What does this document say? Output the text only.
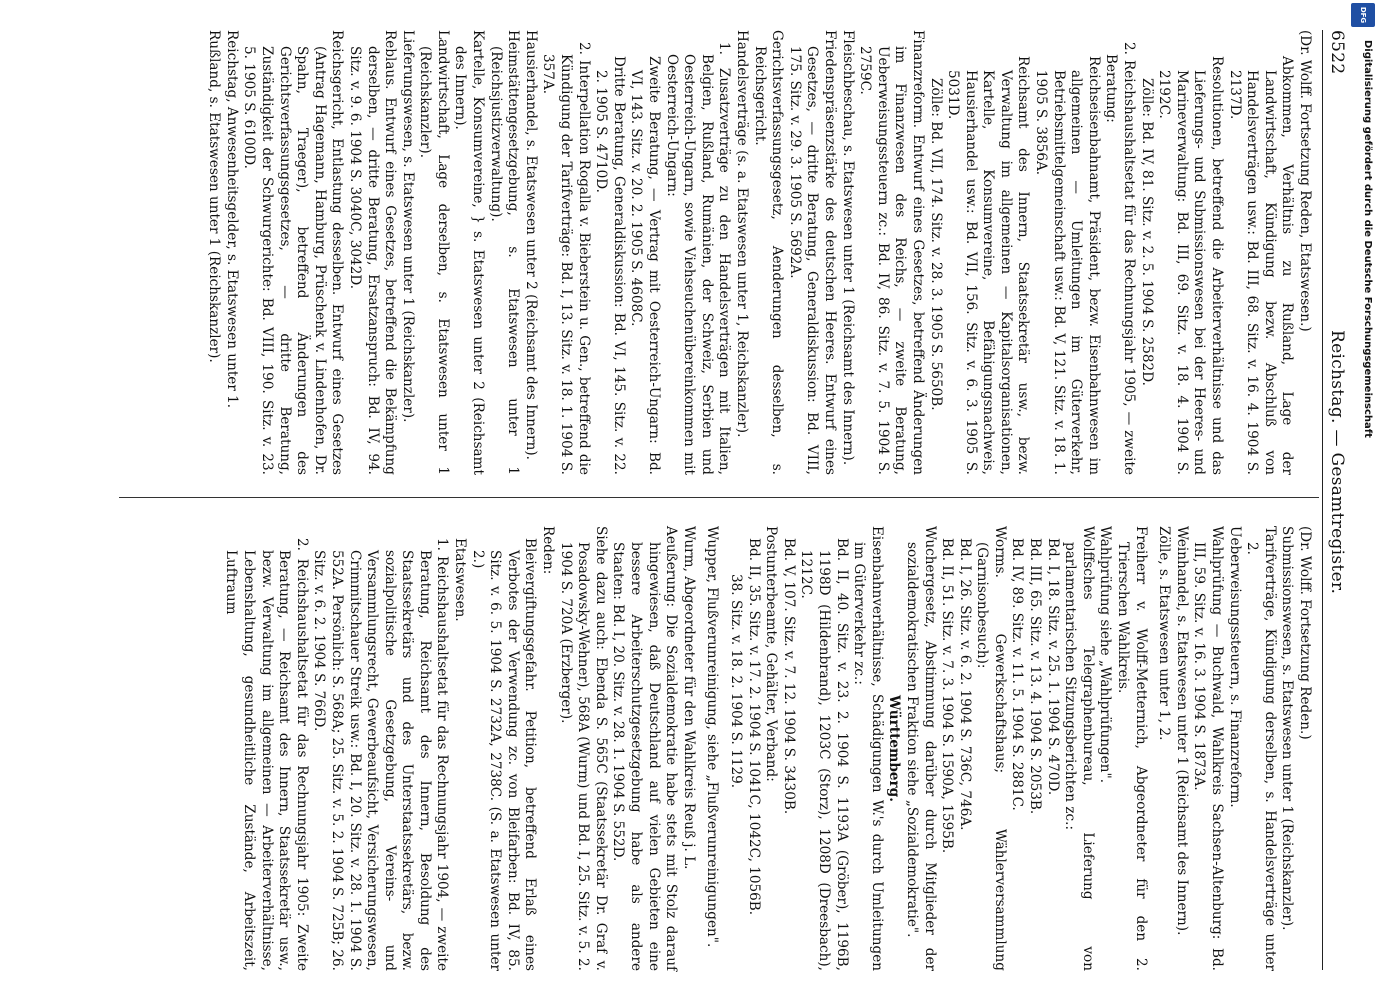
6522
Reichstag. — Gesamtregister.

(Dr. Wolff. Fortsetzung Reden, Etatswesen.)

Abkommen, Verhältnis zu Rußland, Lage der Landwirtschaft, Kündigung bezw. Abschluß von Handelsverträgen usw.: Bd. III, 68. Sitz. v. 16. 4. 1904 S. 2137D.

Resolutionen, betreffend die Arbeiterverhältnisse und das Lieferungs- und Submissionswesen bei der Heeres- und Marineverwaltung: Bd. III, 69. Sitz. v. 18. 4. 1904 S. 2192C.

Zölle: Bd. IV, 81. Sitz. v. 2. 5. 1904 S. 2582D.

2. Reichshaushaltsetat für das Rechnungsjahr 1905, — zweite Beratung:

Reichseisenbahnamt, Präsident, bezw. Eisenbahnwesen im allgemeinen — Umleitungen im Güterverkehr, Betriebsmittelgemeinschaft usw.: Bd. V, 121. Sitz. v. 18. 1. 1905 S. 3856A.

Reichsamt des Innern, Staatssekretär usw., bezw. Verwaltung im allgemeinen — Kapitalsorganisationen, Kartelle, Konsumvereine, Befähigungsnachweis, Hausierhandel usw.: Bd. VII, 156. Sitz. v. 6. 3. 1905 S. 5031D.

Zölle: Bd. VII, 174. Sitz. v. 28. 3. 1905 S. 5650B.

Finanzreform. Entwurf eines Gesetzes, betreffend Änderungen im Finanzwesen des Reichs, — zweite Beratung, Ueberweisungssteuern zc.: Bd. IV, 86. Sitz. v. 7. 5. 1904 S. 2759C.

Fleischbeschau, s. Etatswesen unter 1 (Reichsamt des Innern).

Friedenspräsenzstärke des deutschen Heeres. Entwurf eines Gesetzes, — dritte Beratung, Generaldiskussion: Bd. VIII, 175. Sitz. v. 29. 3. 1905 S. 5692A.

Gerichtsverfassungsgesetz, Aenderungen desselben, s. Reichsgericht.

Handelsverträge (s. a. Etatswesen unter 1, Reichskanzler).

1. Zusatzverträge zu den Handelsverträgen mit Italien, Belgien, Rußland, Rumänien, der Schweiz, Serbien und Oesterreich-Ungarn, sowie Viehseuchenübereinkommen mit Oesterreich-Ungarn:

Zweite Beratung, — Vertrag mit Oesterreich-Ungarn: Bd. VI, 143. Sitz. v. 20. 2. 1905 S. 4608C.

Dritte Beratung, Generaldiskussion: Bd. VI, 145. Sitz. v. 22. 2. 1905 S. 4710D.

2. Interpellation Rogalla v. Bieberstein u. Gen., betreffend die Kündigung der Tarifverträge: Bd. I, 13. Sitz. v. 18. 1. 1904 S. 357A.

Hausierhandel, s. Etatswesen unter 2 (Reichsamt des Innern).

Heimstättengesetzgebung, s. Etatswesen unter 1 (Reichsjustizverwaltung).

Kartelle, Konsumvereine, } s. Etatswesen unter 2 (Reichsamt des Innern).

Landwirtschaft, Lage derselben, s. Etatswesen unter 1 (Reichskanzler).

Lieferungswesen, s. Etatswesen unter 1 (Reichskanzler).

Reblaus. Entwurf eines Gesetzes, betreffend die Bekämpfung derselben, — dritte Beratung, Ersatzanspruch: Bd. IV, 94. Sitz. v. 9. 6. 1904 S. 3040C, 3042D.

Reichsgericht, Entlastung desselben. Entwurf eines Gesetzes (Antrag Hagemann, Hamburg, Prüschenk v. Lindenhofen, Dr. Spahn, Traeger), betreffend Änderungen des Gerichtsverfassungsgesetzes, — dritte Beratung, Zuständigkeit der Schwurgerichte: Bd. VIII, 190. Sitz. v. 23. 5. 1905 S. 6100D.

Reichstag, Anwesenheitsgelder, s. Etatswesen unter 1.

Rußland, s. Etatswesen unter 1 (Reichskanzler).

(Dr. Wolff. Fortsetzung Reden.)

Submissionswesen, s. Etatswesen unter 1 (Reichskanzler).

Tarifverträge, Kündigung derselben, s. Handelsverträge unter 2.

Ueberweisungssteuern, s. Finanzreform.

Wahlprüfung — Buchwald, Wahlkreis Sachsen-Altenburg: Bd. III, 59. Sitz. v. 16. 3. 1904 S. 1873A.

Weinhandel, s. Etatswesen unter 1 (Reichsamt des Innern).

Zölle, s. Etatswesen unter 1, 2.

Freiherr v. Wolff-Metternich, Abgeordneter für den 2. Trierschen Wahlkreis.

Wahlprüfung siehe „Wahlprüfungen".

Wolffsches Telegraphenbureau, Lieferung von parlamentarischen Sitzungsberichten zc.:

Bd. I, 18. Sitz. v. 25. 1. 1904 S. 470D.

Bd. III, 65. Sitz. v. 13. 4. 1904 S. 2053B.

Bd. IV, 89. Sitz. v. 11. 5. 1904 S. 2881C.

Worms. Gewerkschaftshaus; Wählerversammlung (Garnisonbesuch):

Bd. I, 26. Sitz. v. 6. 2. 1904 S. 736C, 746A.

Bd. II, 51. Sitz. v. 7. 3. 1904 S. 1590A, 1595B.

Wuchergesetz, Abstimmung darüber durch Mitglieder der sozialdemokratischen Fraktion siehe „Sozialdemokratie".

Württemberg.

Eisenbahnverhältnisse, Schädigungen W.'s durch Umleitungen im Güterverkehr zc.:

Bd. II, 40. Sitz. v. 23. 2. 1904 S. 1193A (Gröber), 1196B, 1198D (Hildenbrand), 1203C (Storz), 1208D (Dreesbach), 1212C.

Bd. V, 107. Sitz. v. 7. 12. 1904 S. 3430B.

Postunterbeamte, Gehälter, Verband:

Bd. II, 35. Sitz. v. 17. 2. 1904 S. 1041C, 1042C, 1056B.

38. Sitz. v. 18. 2. 1904 S. 1129.

Wupper, Flußverunreinigung, siehe „Flußverunreinigungen".

Wurm, Abgeordneter für den Wahlkreis Reuß j. L.

Aeußerung: Die Sozialdemokratie habe stets mit Stolz darauf hingewiesen, daß Deutschland auf vielen Gebieten eine bessere Arbeiterschutzgesetzgebung habe als andere Staaten: Bd. I, 20. Sitz. v. 28. 1. 1904 S. 552D.

Siehe dazu auch: Ebenda S. 565C (Staatssekretär Dr. Graf v. Posadowsky-Wehner), 568A (Wurm) und Bd. I, 25. Sitz. v. 5. 2. 1904 S. 720A (Erzberger).

Reden:

Bleivergiftungsgefahr. Petition, betreffend Erlaß eines Verbotes der Verwendung zc. von Bleifarben: Bd. IV, 85. Sitz. v. 6. 5. 1904 S. 2732A, 2738C. (S. a. Etatswesen unter 2.)

Etatswesen.

1. Reichshaushaltsetat für das Rechnungsjahr 1904, — zweite Beratung, Reichsamt des Innern, Besoldung des Staatssekretärs und des Unterstaatssekretärs, bezw. sozialpolitische Gesetzgebung, Vereins- und Versammlungsrecht, Gewerbeaufsicht, Versicherungswesen, Crimmitschauer Streik usw.: Bd. I, 20. Sitz. v. 28. 1. 1904 S. 552A. Persönlich: S. 568A; 25. Sitz. v. 5. 2. 1904 S. 725B; 26. Sitz. v. 6. 2. 1904 S. 766D.

2. Reichshaushaltsetat für das Rechnungsjahr 1905: Zweite Beratung, — Reichsamt des Innern, Staatssekretär usw., bezw. Verwaltung im allgemeinen — Arbeiterverhältnisse, Lebenshaltung, gesundheitliche Zustände, Arbeitszeit, Luftraum

DFG
Digitalisierung gefördert durch die Deutsche Forschungsgemeinschaft
